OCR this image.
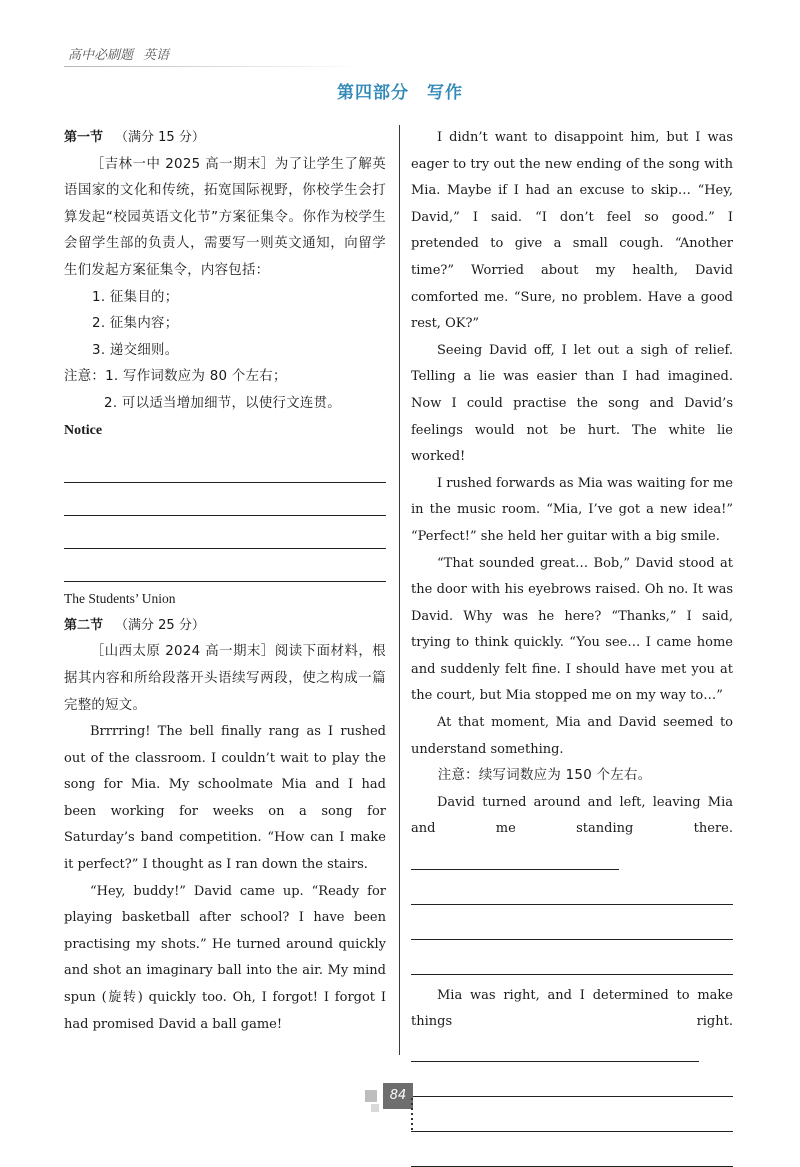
高中必刷题 英语
第四部分 写作

第一节 （满分 15 分）

［吉林一中 2025 高一期末］为了让学生了解英语国家的文化和传统，拓宽国际视野，你校学生会打算发起“校园英语文化节”方案征集令。你作为校学生会留学生部的负责人，需要写一则英文通知，向留学生们发起方案征集令，内容包括：

1. 征集目的；

2. 征集内容；

3. 递交细则。

注意：1. 写作词数应为 80 个左右；

2. 可以适当增加细节，以使行文连贯。

Notice

The Students’ Union

第二节 （满分 25 分）

［山西太原 2024 高一期末］阅读下面材料，根据其内容和所给段落开头语续写两段，使之构成一篇完整的短文。

Brrrring! The bell finally rang as I rushed out of the classroom. I couldn’t wait to play the song for Mia. My schoolmate Mia and I had been working for weeks on a song for Saturday’s band competition. “How can I make it perfect?” I thought as I ran down the stairs.

“Hey, buddy!” David came up. “Ready for playing basketball after school? I have been practising my shots.” He turned around quickly and shot an imaginary ball into the air. My mind spun (旋转) quickly too. Oh, I forgot! I forgot I had promised David a ball game!

I didn’t want to disappoint him, but I was eager to try out the new ending of the song with Mia. Maybe if I had an excuse to skip… “Hey, David,” I said. “I don’t feel so good.” I pretended to give a small cough. “Another time?” Worried about my health, David comforted me. “Sure, no problem. Have a good rest, OK?”

Seeing David off, I let out a sigh of relief. Telling a lie was easier than I had imagined. Now I could practise the song and David’s feelings would not be hurt. The white lie worked!

I rushed forwards as Mia was waiting for me in the music room. “Mia, I’ve got a new idea!” “Perfect!” she held her guitar with a big smile.

“That sounded great… Bob,” David stood at the door with his eyebrows raised. Oh no. It was David. Why was he here? “Thanks,” I said, trying to think quickly. “You see… I came home and suddenly felt fine. I should have met you at the court, but Mia stopped me on my way to…”

At that moment, Mia and David seemed to understand something.

注意：续写词数应为 150 个左右。

David turned around and left, leaving Mia and me standing there.

Mia was right, and I determined to make things right.

84
